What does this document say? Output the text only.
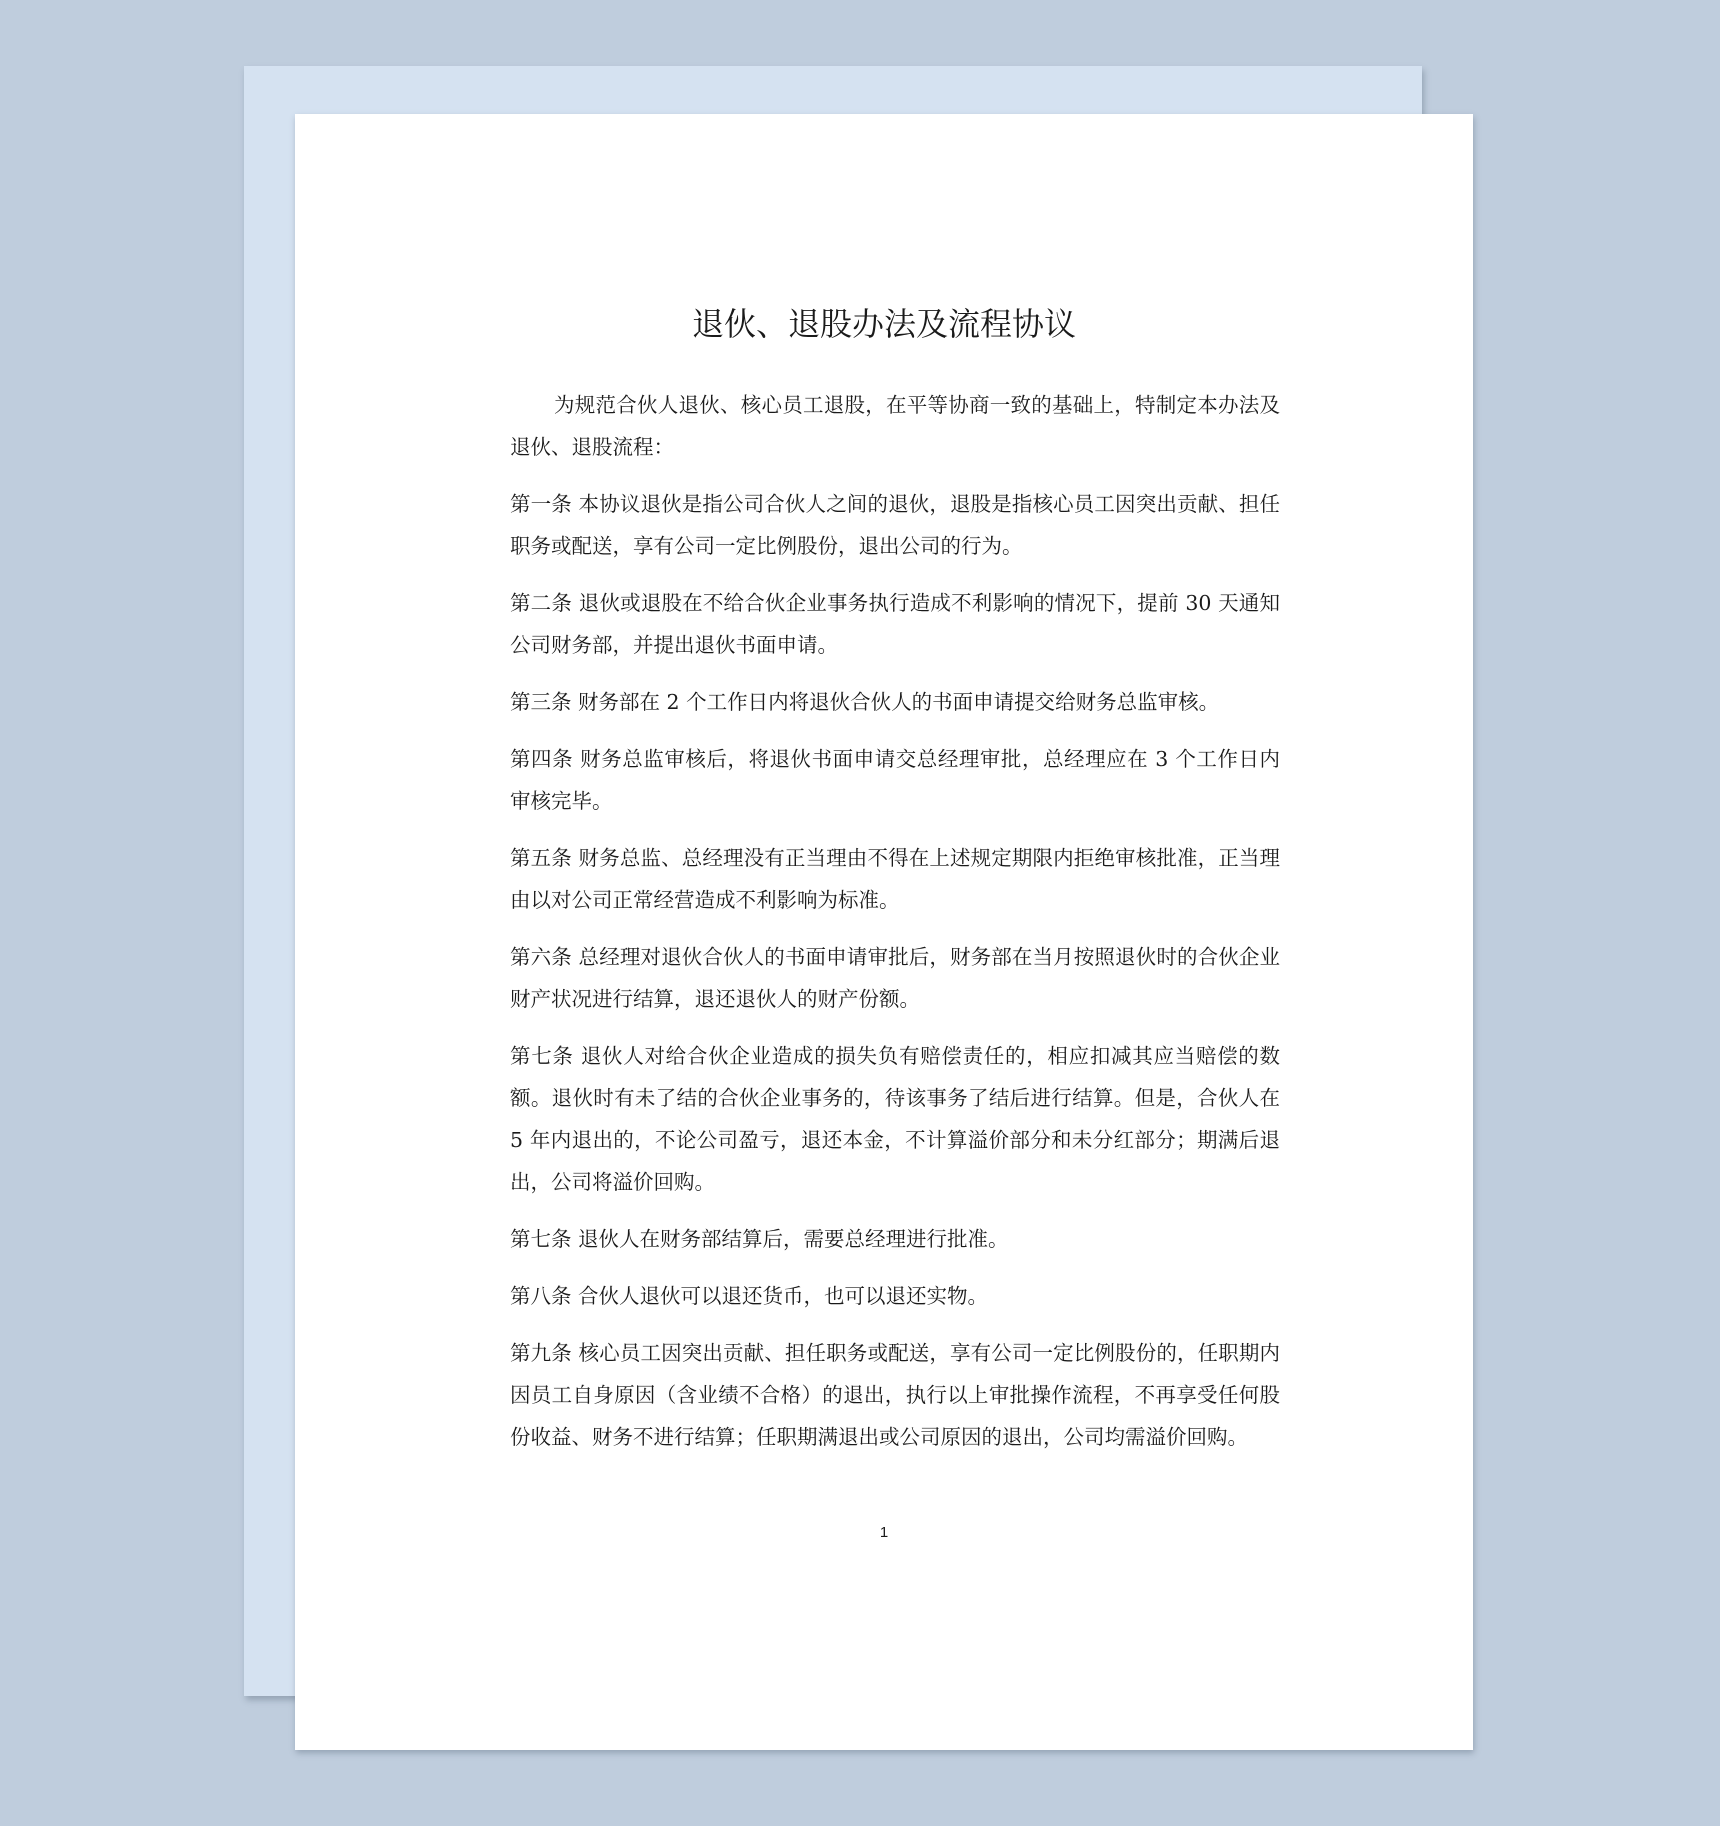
退伙、退股办法及流程协议

为规范合伙人退伙、核心员工退股，在平等协商一致的基础上，特制定本办法及退伙、退股流程：

第一条 本协议退伙是指公司合伙人之间的退伙，退股是指核心员工因突出贡献、担任职务或配送，享有公司一定比例股份，退出公司的行为。

第二条 退伙或退股在不给合伙企业事务执行造成不利影响的情况下，提前 30 天通知公司财务部，并提出退伙书面申请。

第三条 财务部在 2 个工作日内将退伙合伙人的书面申请提交给财务总监审核。

第四条 财务总监审核后，将退伙书面申请交总经理审批，总经理应在 3 个工作日内审核完毕。

第五条 财务总监、总经理没有正当理由不得在上述规定期限内拒绝审核批准，正当理由以对公司正常经营造成不利影响为标准。

第六条 总经理对退伙合伙人的书面申请审批后，财务部在当月按照退伙时的合伙企业财产状况进行结算，退还退伙人的财产份额。

第七条 退伙人对给合伙企业造成的损失负有赔偿责任的，相应扣减其应当赔偿的数额。退伙时有未了结的合伙企业事务的，待该事务了结后进行结算。但是，合伙人在 5 年内退出的，不论公司盈亏，退还本金，不计算溢价部分和未分红部分；期满后退出，公司将溢价回购。

第七条 退伙人在财务部结算后，需要总经理进行批准。

第八条 合伙人退伙可以退还货币，也可以退还实物。

第九条 核心员工因突出贡献、担任职务或配送，享有公司一定比例股份的，任职期内因员工自身原因（含业绩不合格）的退出，执行以上审批操作流程，不再享受任何股份收益、财务不进行结算；任职期满退出或公司原因的退出，公司均需溢价回购。

1
